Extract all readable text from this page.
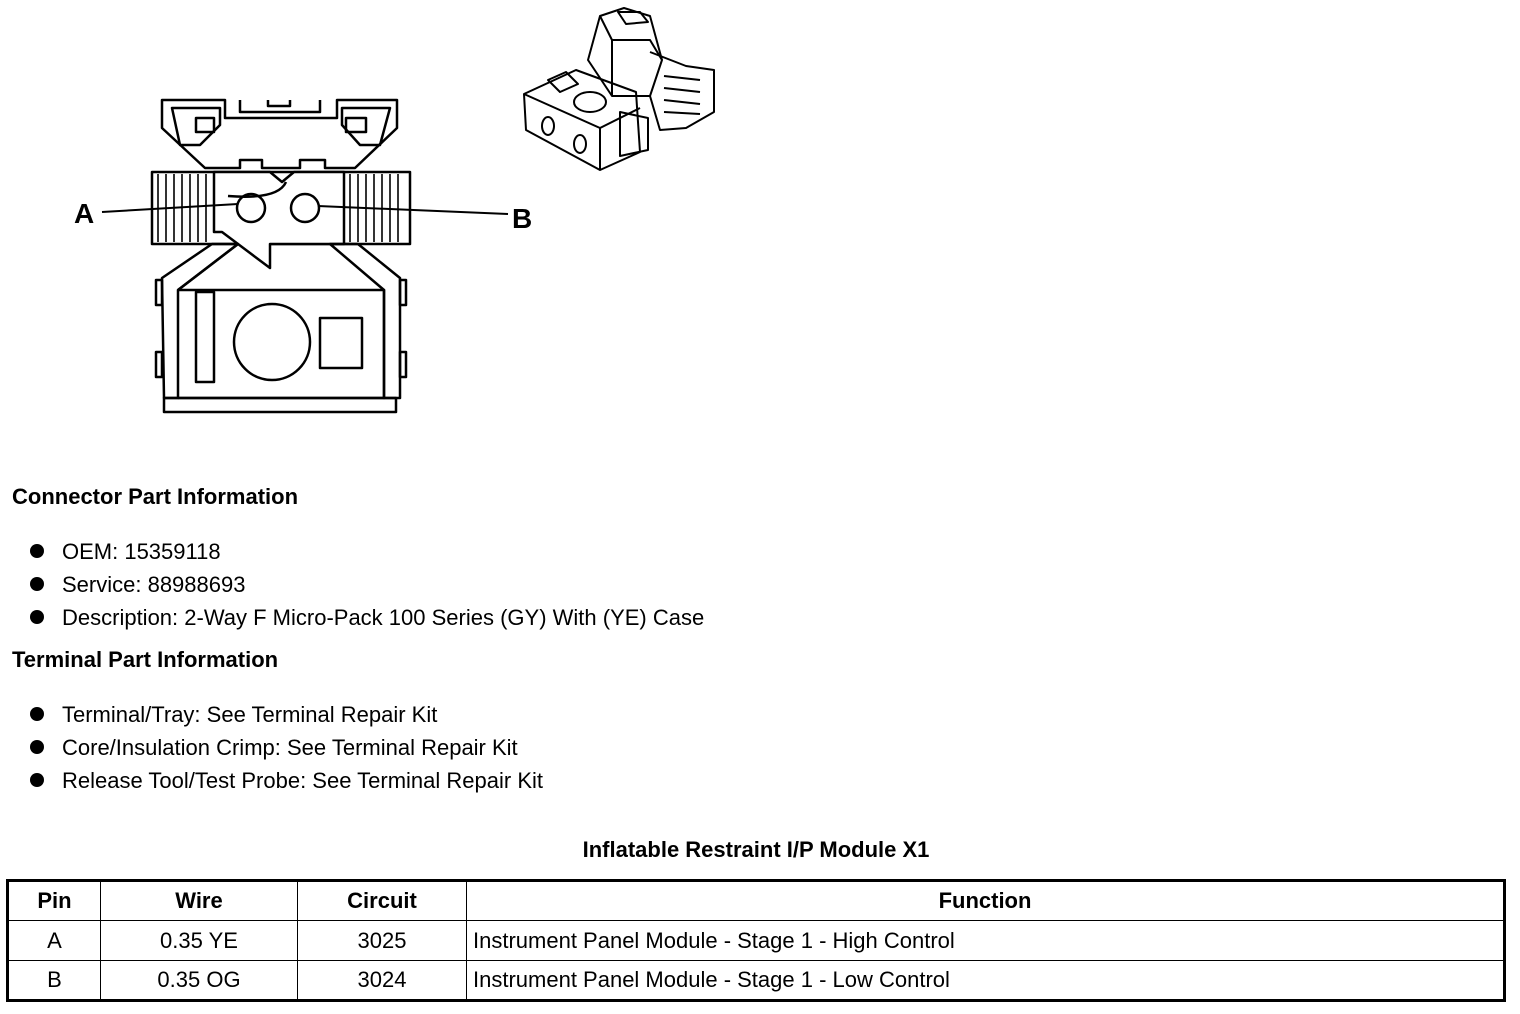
A	B
Connector Part Information
OEM: 15359118
Service: 88988693
Description: 2-Way F Micro-Pack 100 Series (GY) With (YE) Case
Terminal Part Information
Terminal/Tray: See Terminal Repair Kit
Core/Insulation Crimp: See Terminal Repair Kit
Release Tool/Test Probe: See Terminal Repair Kit
Inflatable Restraint I/P Module X1
Pin	Wire	Circuit	Function
A	0.35 YE	3025	Instrument Panel Module - Stage 1 - High Control
B	0.35 OG	3024	Instrument Panel Module - Stage 1 - Low Control
